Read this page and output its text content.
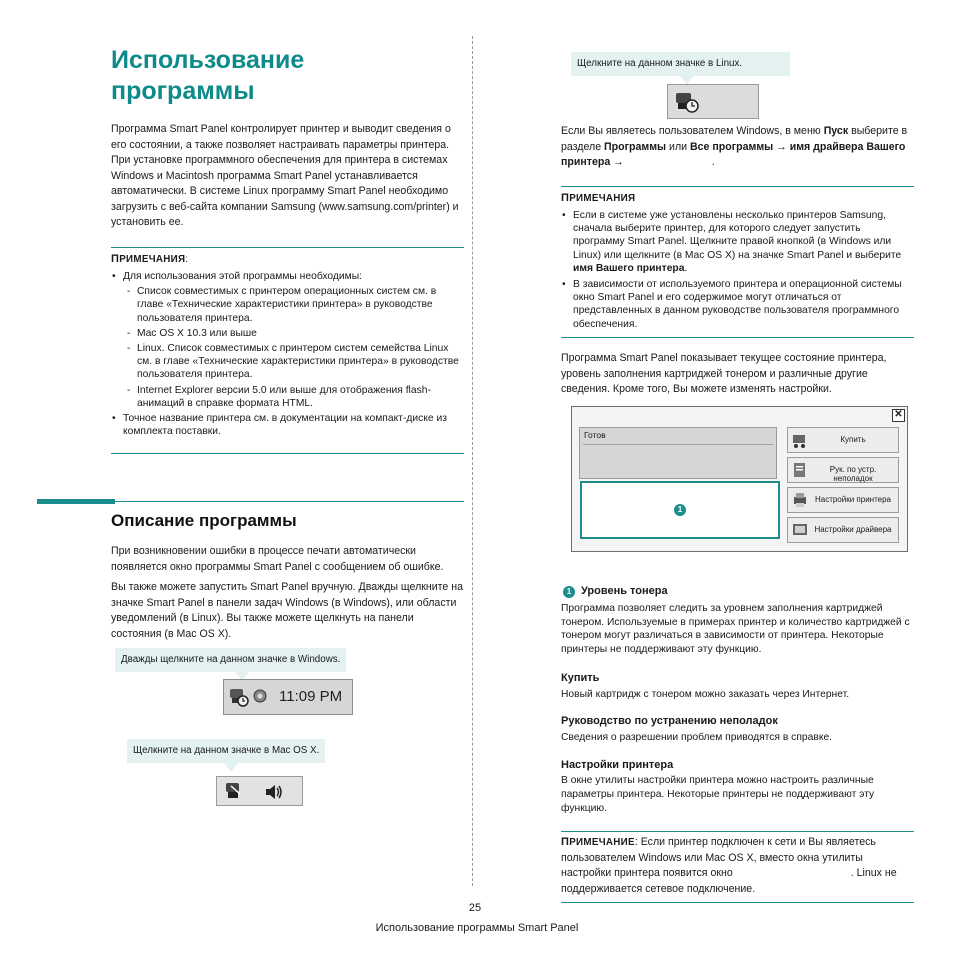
Использование
программы
Программа Smart Panel контролирует принтер и выводит сведения о его состоянии, а также позволяет настраивать параметры принтера. При установке программного обеспечения для принтера в системах Windows и Macintosh программа Smart Panel устанавливается автоматически. В системе Linux программу Smart Panel необходимо загрузить с веб-сайта компании Samsung (www.samsung.com/printer) и установить ее.
ПРИМЕЧАНИЯ:
• Для использования этой программы необходимы:
- Список совместимых с принтером операционных систем см. в главе «Технические характеристики принтера» в руководстве пользователя принтера.
- Mac OS X 10.3 или выше
- Linux. Список совместимых с принтером систем семейства Linux см. в главе «Технические характеристики принтера» в руководстве пользователя принтера.
- Internet Explorer версии 5.0 или выше для отображения flash-анимаций в справке формата HTML.
• Точное название принтера см. в документации на компакт-диске из комплекта поставки.
Описание программы
При возникновении ошибки в процессе печати автоматически появляется окно программы Smart Panel с сообщением об ошибке.
Вы также можете запустить Smart Panel вручную. Дважды щелкните на значке Smart Panel в панели задач Windows (в Windows), или области уведомлений (в Linux). Вы также можете щелкнуть на панели состояния (в Mac OS X).
Дважды щелкните на данном значке в Windows.
11:09 PM
Щелкните на данном значке в Mac OS X.
Щелкните на данном значке в Linux.
Если Вы являетесь пользователем Windows, в меню Пуск выберите в разделе Программы или Все программы → имя драйвера Вашего принтера →	.
ПРИМЕЧАНИЯ
• Если в системе уже установлены несколько принтеров Samsung, сначала выберите принтер, для которого следует запустить программу Smart Panel. Щелкните правой кнопкой (в Windows или Linux) или щелкните (в Mac OS X) на значке Smart Panel и выберите имя Вашего принтера.
• В зависимости от используемого принтера и операционной системы окно Smart Panel и его содержимое могут отличаться от представленных в данном руководстве пользователя программного обеспечения.
Программа Smart Panel показывает текущее состояние принтера, уровень заполнения картриджей тонером и различные другие сведения. Кроме того, Вы можете изменять настройки.
✕
Готов
1
Купить
Рук. по устр. неполадок
Настройки принтера
Настройки драйвера
1 Уровень тонера
Программа позволяет следить за уровнем заполнения картриджей тонером. Используемые в примерах принтер и количество картриджей с тонером могут различаться в зависимости от принтера. Некоторые принтеры не поддерживают эту функцию.
Купить
Новый картридж с тонером можно заказать через Интернет.
Руководство по устранению неполадок
Сведения о разрешении проблем приводятся в справке.
Настройки принтера
В окне утилиты настройки принтера можно настроить различные параметры принтера. Некоторые принтеры не поддерживают эту функцию.
ПРИМЕЧАНИЕ: Если принтер подключен к сети и Вы являетесь пользователем Windows или Mac OS X, вместо окна утилиты настройки принтера появится окно	. Linux не поддерживается сетевое подключение.
25
Использование программы Smart Panel
